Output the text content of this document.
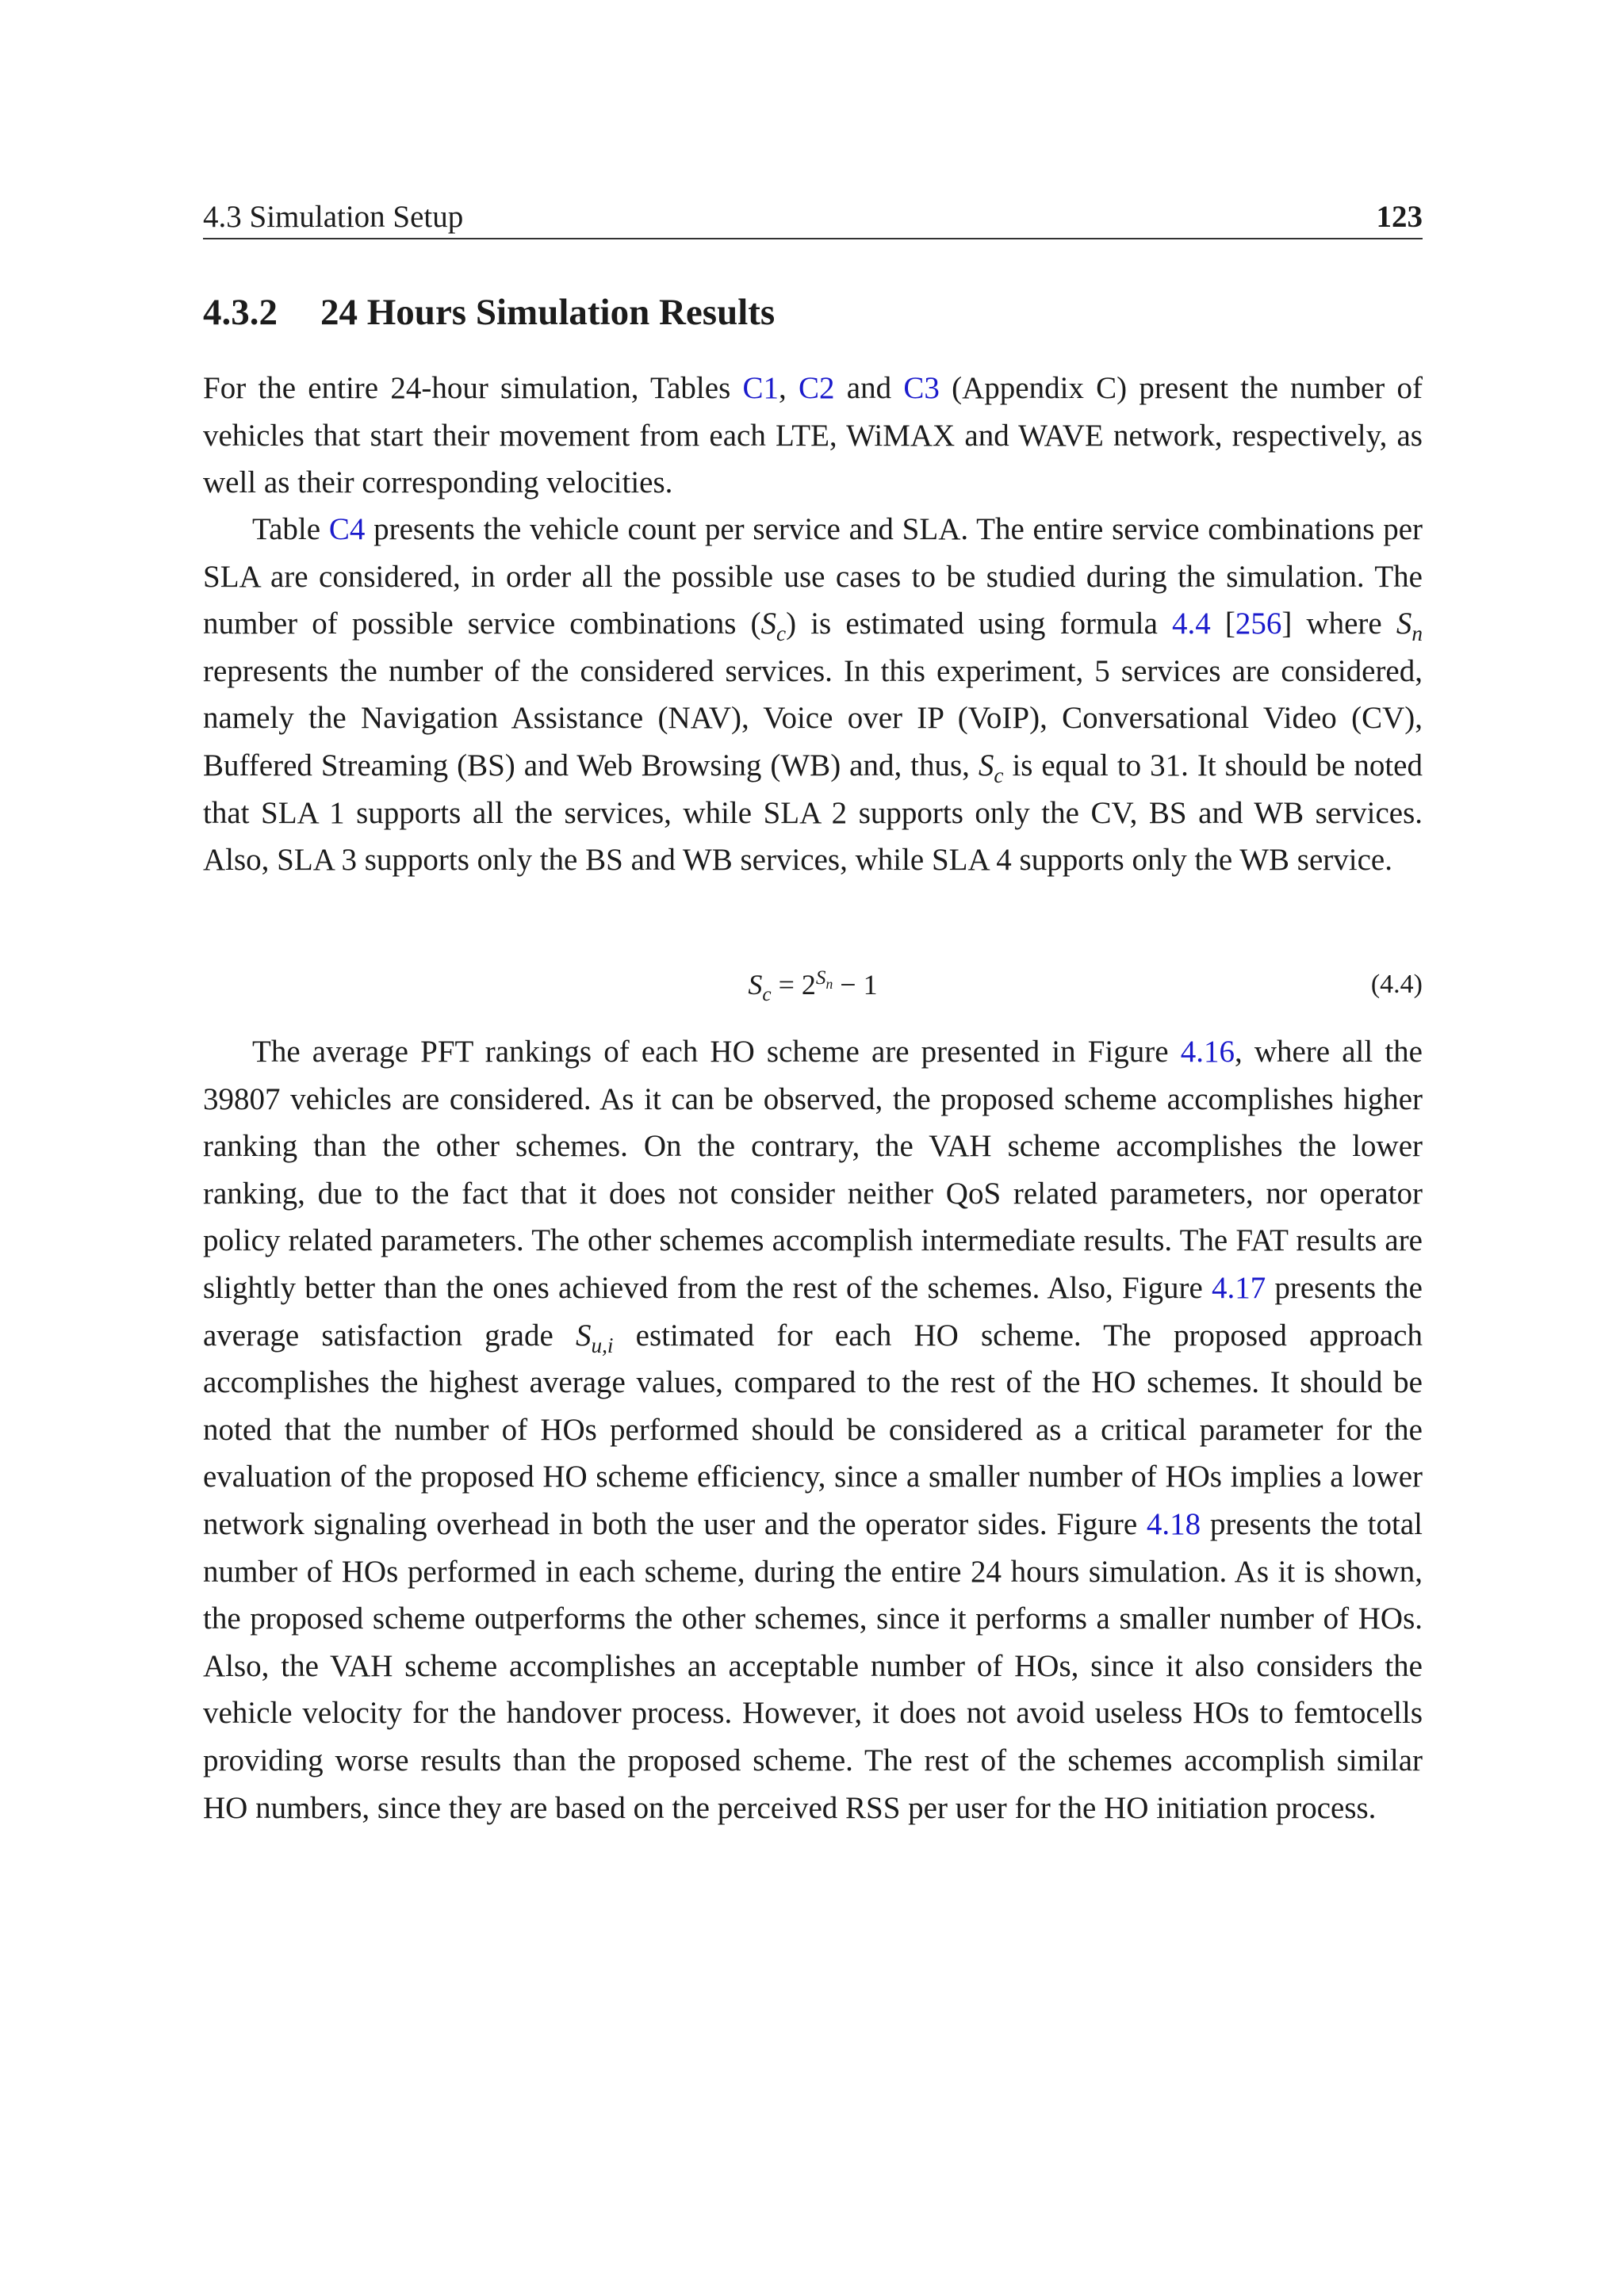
4.3 Simulation Setup	123
4.3.2 24 Hours Simulation Results

For the entire 24-hour simulation, Tables C1, C2 and C3 (Appendix C) present the number of vehicles that start their movement from each LTE, WiMAX and WAVE network, respectively, as well as their corresponding velocities.

Table C4 presents the vehicle count per service and SLA. The entire service combinations per SLA are considered, in order all the possible use cases to be studied during the simulation. The number of possible service combinations $(S_c)$ is estimated using formula 4.4 [256] where $S_n$ represents the number of the considered services. In this experiment, 5 services are considered, namely the Navigation Assistance (NAV), Voice over IP (VoIP), Conversational Video (CV), Buffered Streaming (BS) and Web Browsing (WB) and, thus, $S_c$ is equal to 31. It should be noted that SLA 1 supports all the services, while SLA 2 supports only the CV, BS and WB services. Also, SLA 3 supports only the BS and WB services, while SLA 4 supports only the WB service.

$S_c = 2^{S_n} - 1$	(4.4)

The average PFT rankings of each HO scheme are presented in Figure 4.16, where all the 39807 vehicles are considered. As it can be observed, the proposed scheme accomplishes higher ranking than the other schemes. On the contrary, the VAH scheme accomplishes the lower ranking, due to the fact that it does not consider neither QoS related parameters, nor operator policy related parameters. The other schemes accomplish intermediate results. The FAT results are slightly better than the ones achieved from the rest of the schemes. Also, Figure 4.17 presents the average satisfaction grade $S_{u,i}$ estimated for each HO scheme. The proposed approach accomplishes the highest average values, compared to the rest of the HO schemes. It should be noted that the number of HOs performed should be considered as a critical parameter for the evaluation of the proposed HO scheme efficiency, since a smaller number of HOs implies a lower network signaling overhead in both the user and the operator sides. Figure 4.18 presents the total number of HOs performed in each scheme, during the entire 24 hours simulation. As it is shown, the proposed scheme outperforms the other schemes, since it performs a smaller number of HOs. Also, the VAH scheme accomplishes an acceptable number of HOs, since it also considers the vehicle velocity for the handover process. However, it does not avoid useless HOs to femtocells providing worse results than the proposed scheme. The rest of the schemes accomplish similar HO numbers, since they are based on the perceived RSS per user for the HO initiation process.
